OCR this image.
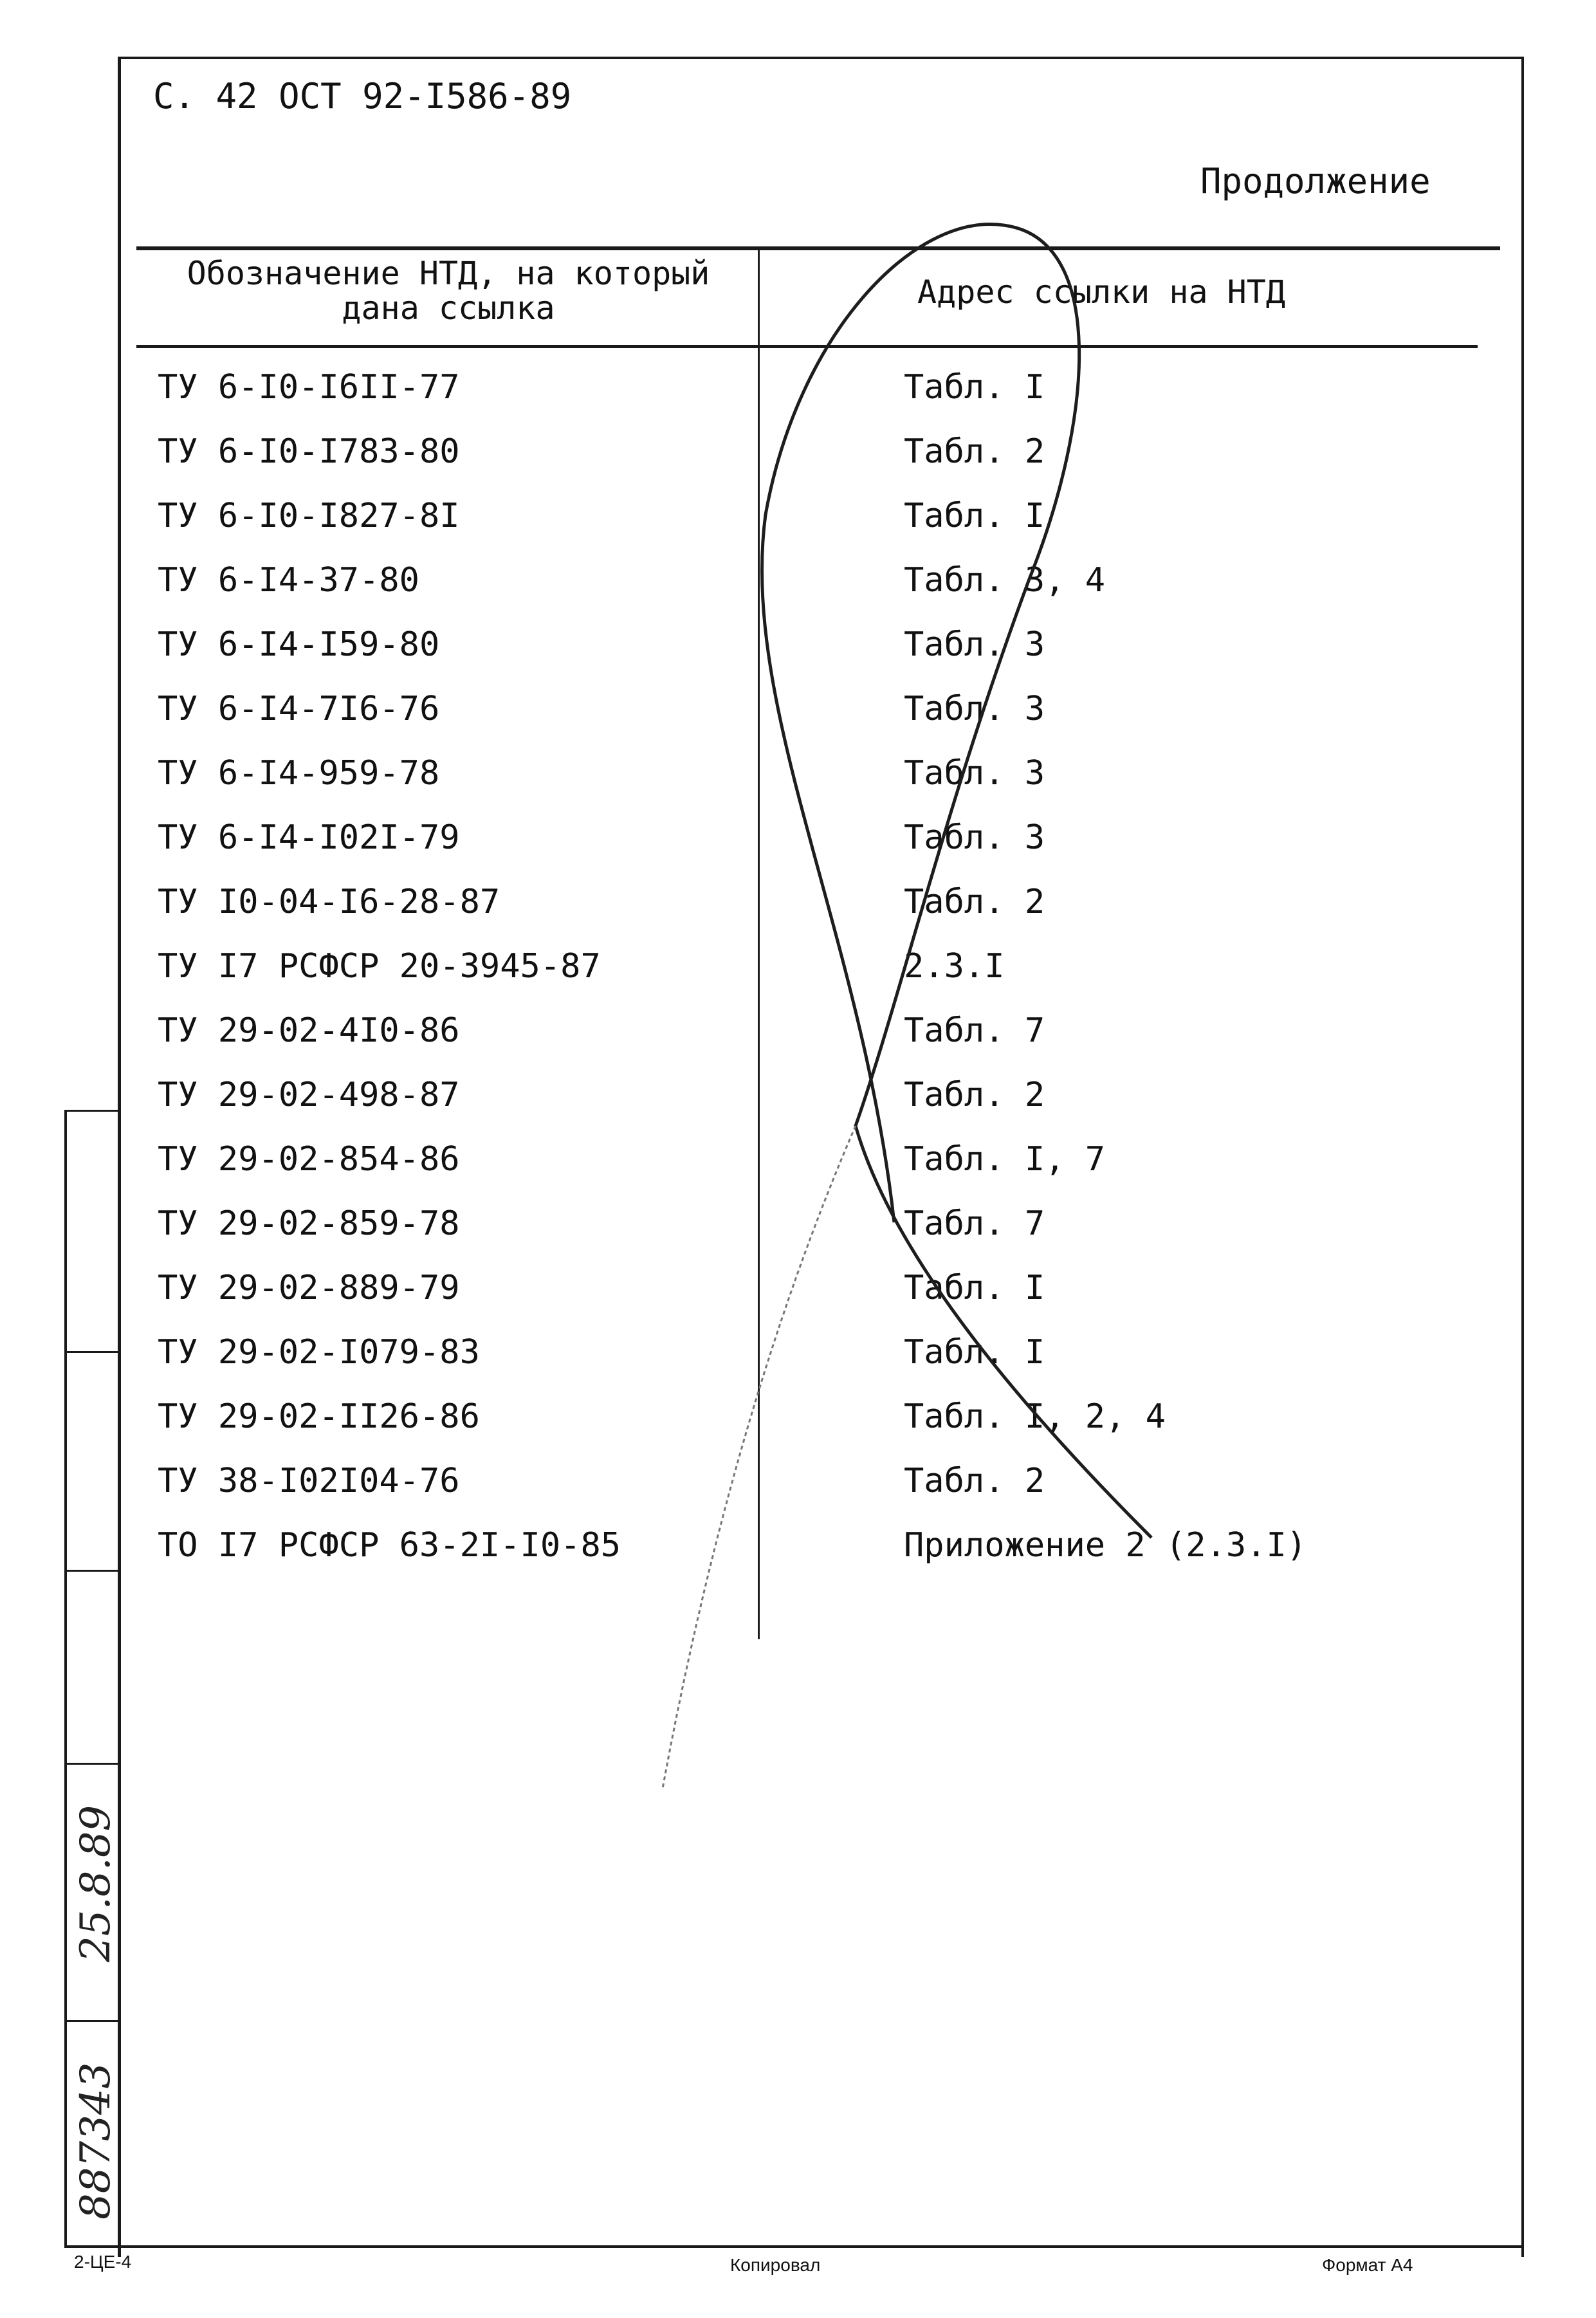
С. 42 ОСТ 92-I586-89
Продолжение
Обозначение НТД, на который дана ссылка	Адрес ссылки на НТД
ТУ 6-I0-I6II-77	Табл. I
ТУ 6-I0-I783-80	Табл. 2
ТУ 6-I0-I827-8I	Табл. I
ТУ 6-I4-37-80	Табл. 3, 4
ТУ 6-I4-I59-80	Табл. 3
ТУ 6-I4-7I6-76	Табл. 3
ТУ 6-I4-959-78	Табл. 3
ТУ 6-I4-I02I-79	Табл. 3
ТУ I0-04-I6-28-87	Табл. 2
ТУ I7 РСФСР 20-3945-87	2.3.I
ТУ 29-02-4I0-86	Табл. 7
ТУ 29-02-498-87	Табл. 2
ТУ 29-02-854-86	Табл. I, 7
ТУ 29-02-859-78	Табл. 7
ТУ 29-02-889-79	Табл. I
ТУ 29-02-I079-83	Табл. I
ТУ 29-02-II26-86	Табл. I, 2, 4
ТУ 38-I02I04-76	Табл. 2
ТО I7 РСФСР 63-2I-I0-85	Приложение 2 (2.3.I)
25.8.89
887343
2-ЦЕ-4	Копировал	Формат А4
